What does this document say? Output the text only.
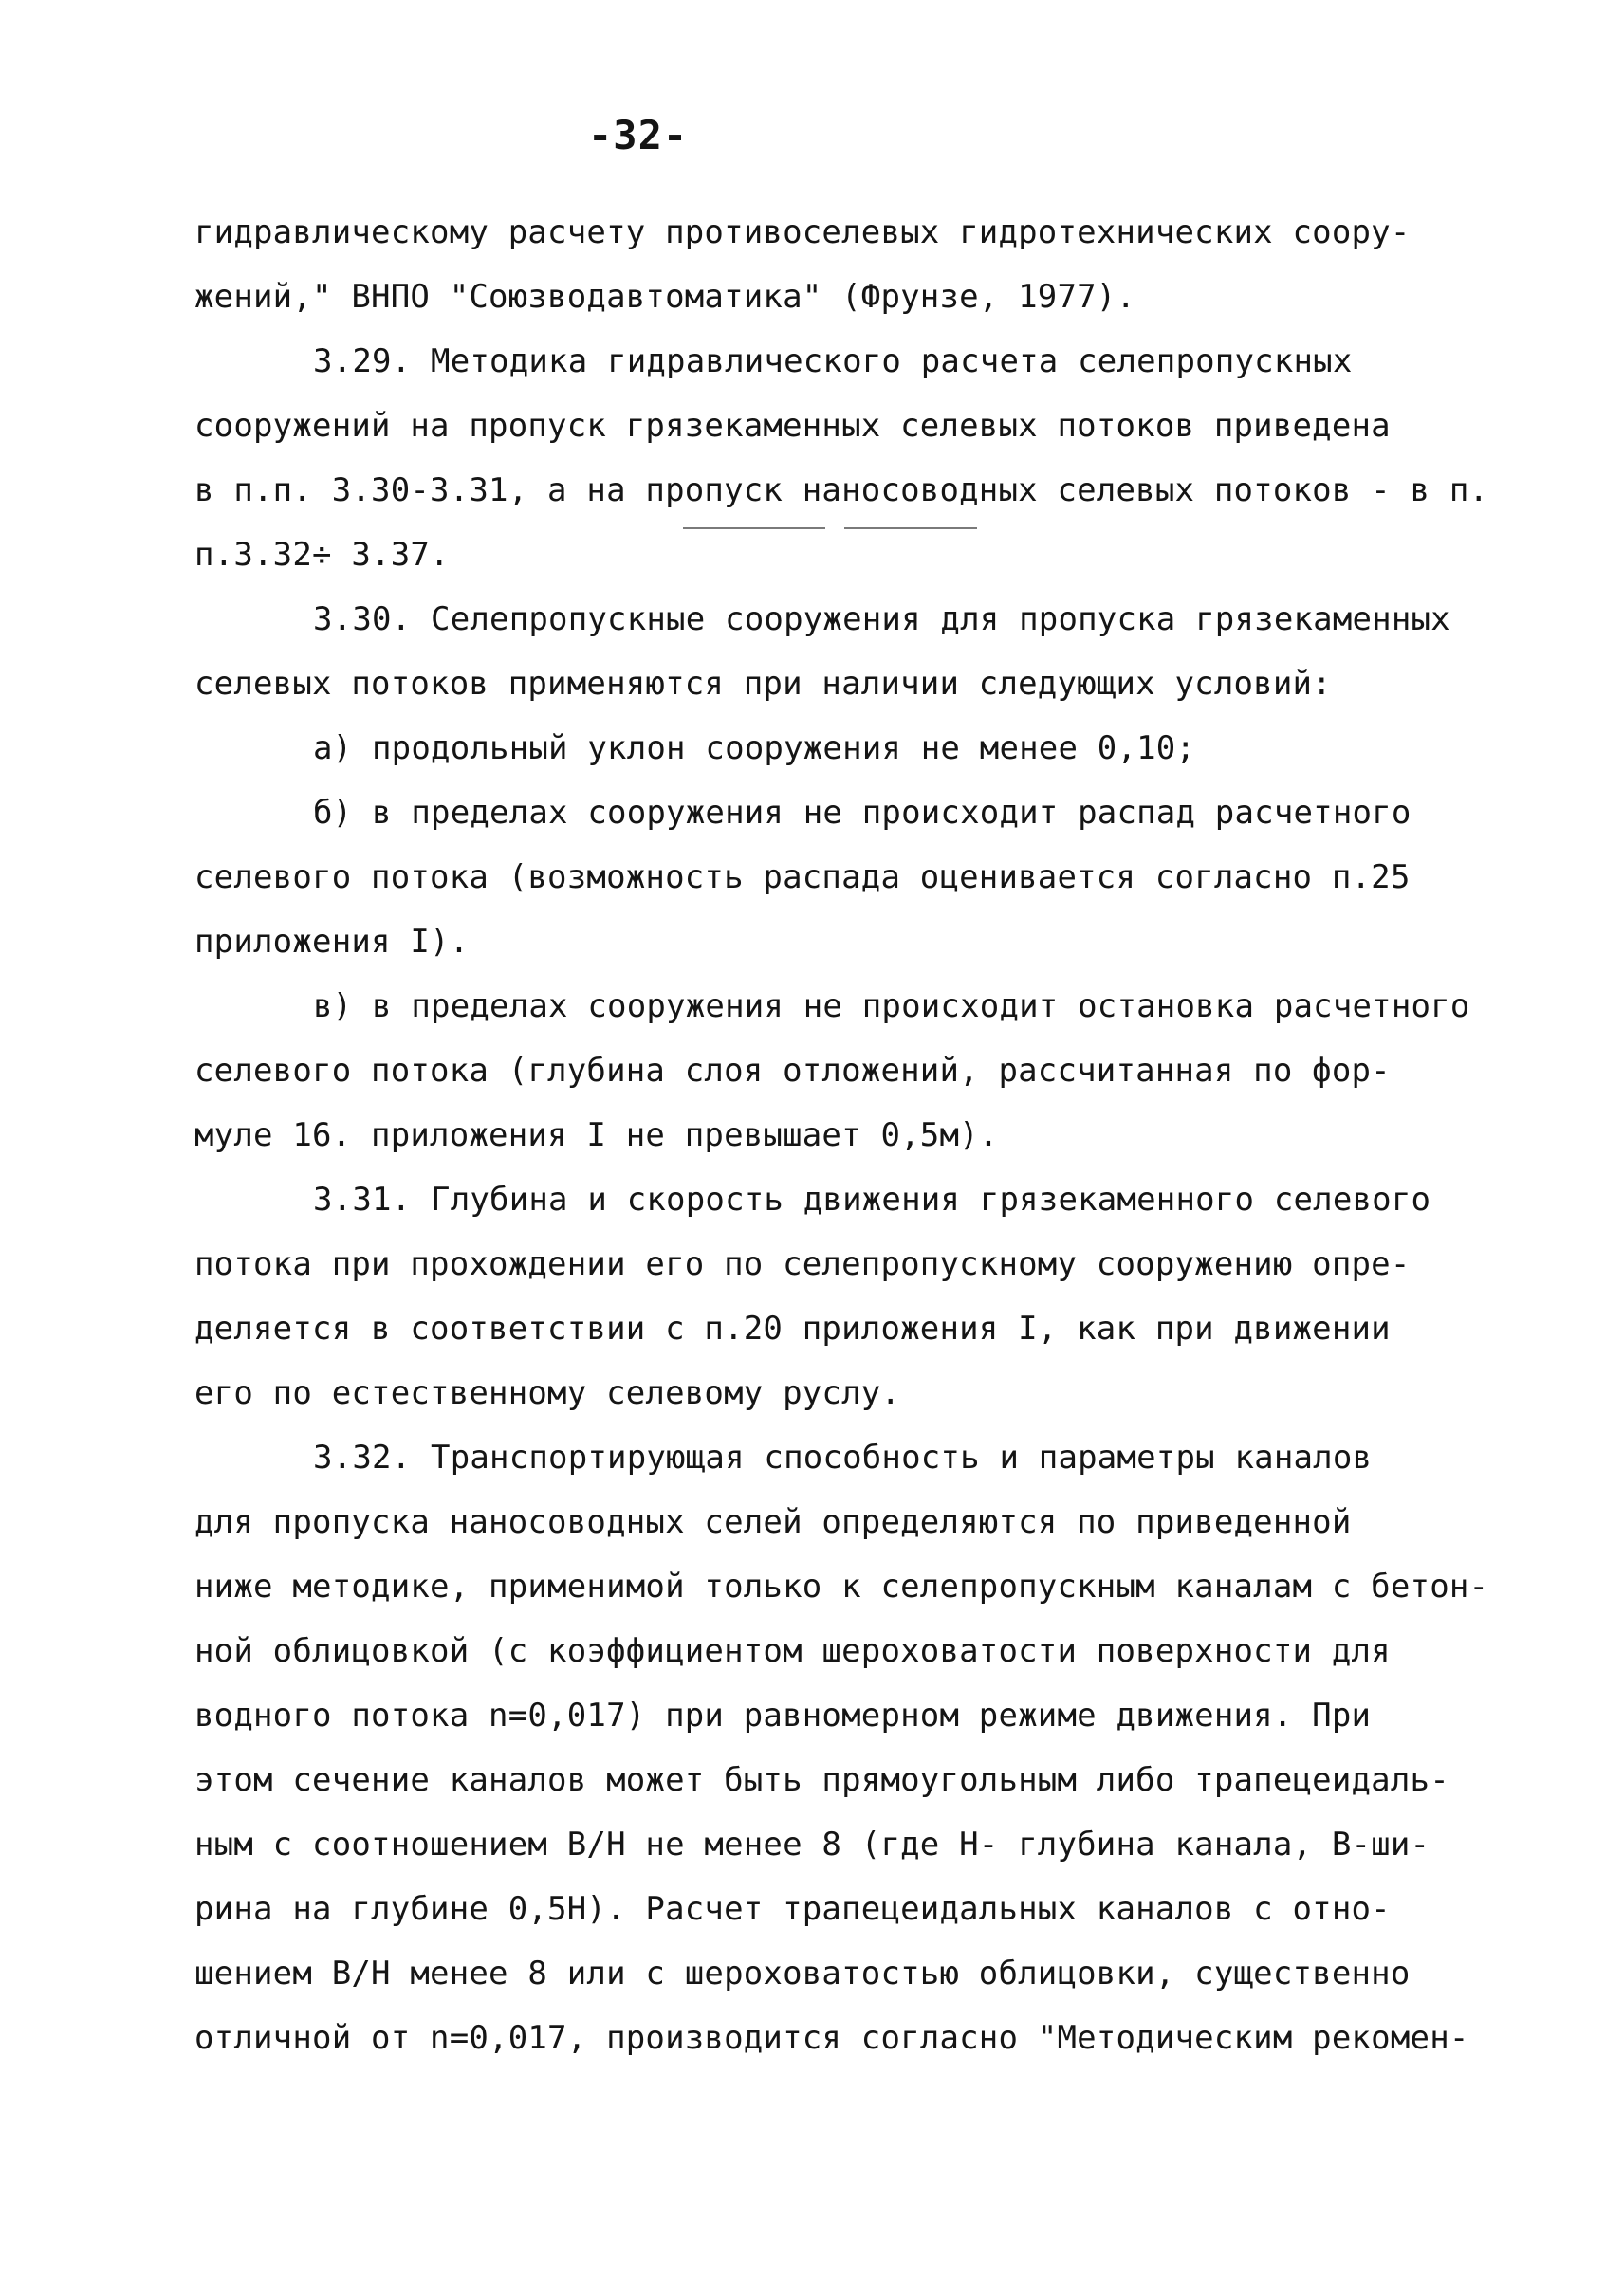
-32-
гидравлическому расчету противоселевых гидротехнических соору-
жений," ВНПО "Союзводавтоматика" (Фрунзе, 1977).
3.29. Методика гидравлического расчета селепропускных
сооружений на пропуск грязекаменных селевых потоков приведена
в п.п. 3.30-3.31, а на пропуск наносоводных селевых потоков - в п.
п.3.32÷ 3.37.
3.30. Селепропускные сооружения для пропуска грязекаменных
селевых потоков применяются при наличии следующих условий:
а) продольный уклон сооружения не менее 0,10;
б) в пределах сооружения не происходит распад расчетного
селевого потока (возможность распада оценивается согласно п.25
приложения I).
в) в пределах сооружения не происходит остановка расчетного
селевого потока (глубина слоя отложений, рассчитанная по фор-
муле 16. приложения I не превышает 0,5м).
3.31. Глубина и скорость движения грязекаменного селевого
потока при прохождении его по селепропускному сооружению опре-
деляется в соответствии с п.20 приложения I, как при движении
его по естественному селевому руслу.
3.32. Транспортирующая способность и параметры каналов
для пропуска наносоводных селей определяются по приведенной
ниже методике, применимой только к селепропускным каналам с бетон-
ной облицовкой (с коэффициентом шероховатости поверхности для
водного потока n=0,017) при равномерном режиме движения. При
этом сечение каналов может быть прямоугольным либо трапецеидаль-
ным с соотношением В/Н не менее 8 (где Н- глубина канала, В-ши-
рина на глубине 0,5Н). Расчет трапецеидальных каналов с отно-
шением В/Н менее 8 или с шероховатостью облицовки, существенно
отличной от n=0,017, производится согласно "Методическим рекомен-
